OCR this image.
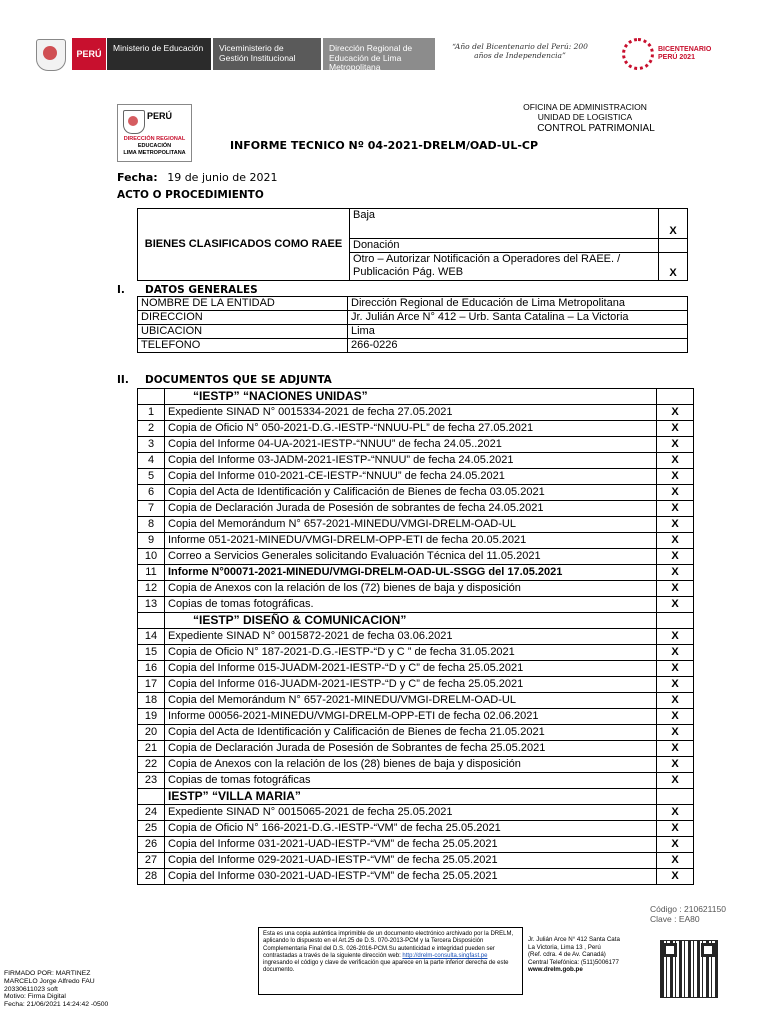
PERÚ
Ministerio de Educación	Viceministerio de Gestión Institucional
Dirección Regional de Educación de Lima Metropolitana
“Año del Bicentenario del Perú: 200 años de Independencia”
BICENTENARIO PERÚ 2021
PERÚ
DIRECCIÓN REGIONAL
EDUCACIÓN
LIMA METROPOLITANA
OFICINA DE ADMINISTRACION
UNIDAD DE LOGISTICA
CONTROL PATRIMONIAL
INFORME TECNICO Nº 04-2021-DRELM/OAD-UL-CP
Fecha: 19 de junio de 2021
ACTO O PROCEDIMIENTO
BIENES CLASIFICADOS COMO RAEE	Baja	X
	Donación	
	Otro – Autorizar Notificación a Operadores del RAEE. / Publicación Pág. WEB	X
I. DATOS GENERALES
NOMBRE DE LA ENTIDAD	Dirección Regional de Educación de Lima Metropolitana
DIRECCION	Jr. Julián Arce N° 412 – Urb. Santa Catalina – La Victoria
UBICACION	Lima
TELEFONO	266-0226
II. DOCUMENTOS QUE SE ADJUNTA
	“IESTP” “NACIONES UNIDAS”	
1	Expediente SINAD N° 0015334-2021 de fecha 27.05.2021	X
2	Copia de Oficio N° 050-2021-D.G.-IESTP-“NNUU-PL” de fecha 27.05.2021	X
3	Copia del Informe 04-UA-2021-IESTP-“NNUU” de fecha 24.05..2021	X
4	Copia del Informe 03-JADM-2021-IESTP-“NNUU” de fecha 24.05.2021	X
5	Copia del Informe 010-2021-CE-IESTP-“NNUU” de fecha 24.05.2021	X
6	Copia del Acta de Identificación y Calificación de Bienes de fecha 03.05.2021	X
7	Copia de Declaración Jurada de Posesión de sobrantes de fecha 24.05.2021	X
8	Copia del Memorándum N° 657-2021-MINEDU/VMGI-DRELM-OAD-UL	X
9	Informe 051-2021-MINEDU/VMGI-DRELM-OPP-ETI de fecha 20.05.2021	X
10	Correo a Servicios Generales solicitando Evaluación Técnica del 11.05.2021	X
11	Informe N°00071-2021-MINEDU/VMGI-DRELM-OAD-UL-SSGG del 17.05.2021	X
12	Copia de Anexos con la relación de los (72) bienes de baja y disposición	X
13	Copias de tomas fotográficas.	X
	“IESTP” DISEÑO & COMUNICACION”	
14	Expediente SINAD N° 0015872-2021 de fecha 03.06.2021	X
15	Copia de Oficio N° 187-2021-D.G.-IESTP-“D y C ” de fecha 31.05.2021	X
16	Copia del Informe 015-JUADM-2021-IESTP-“D y C” de fecha 25.05.2021	X
17	Copia del Informe 016-JUADM-2021-IESTP-“D y C” de fecha 25.05.2021	X
18	Copia del Memorándum N° 657-2021-MINEDU/VMGI-DRELM-OAD-UL	X
19	Informe 00056-2021-MINEDU/VMGI-DRELM-OPP-ETI de fecha 02.06.2021	X
20	Copia del Acta de Identificación y Calificación de Bienes de fecha 21.05.2021	X
21	Copia de Declaración Jurada de Posesión de Sobrantes de fecha 25.05.2021	X
22	Copia de Anexos con la relación de los (28) bienes de baja y disposición	X
23	Copias de tomas fotográficas	X
	IESTP” “VILLA MARIA”	
24	Expediente SINAD N° 0015065-2021 de fecha 25.05.2021	X
25	Copia de Oficio N° 166-2021-D.G.-IESTP-“VM” de fecha 25.05.2021	X
26	Copia del Informe 031-2021-UAD-IESTP-“VM” de fecha 25.05.2021	X
27	Copia del Informe 029-2021-UAD-IESTP-“VM” de fecha 25.05.2021	X
28	Copia del Informe 030-2021-UAD-IESTP-“VM” de fecha 25.05.2021	X
Código : 210621150
Clave : EA80
Esta es una copia auténtica imprimible de un documento electrónico archivado por la DRELM, aplicando lo dispuesto en el Art.25 de D.S. 070-2013-PCM y la Tercera Disposición Complementaria Final del D.S. 026-2016-PCM.Su autenticidad e integridad pueden ser contrastadas a través de la siguiente dirección web: http://drelm-consulta.singfast.pe ingresando el código y clave de verificación que aparece en la parte inferior derecha de este documento.
Jr. Julián Arce N° 412 Santa Cata
La Victoria, Lima 13 , Perú
(Ref. cdra. 4 de Av. Canadá)
Central Telefónica: (511)5006177
www.drelm.gob.pe
FIRMADO POR: MARTINEZ
MARCELO Jorge Alfredo FAU
20330611023 soft
Motivo: Firma Digital
Fecha: 21/06/2021 14:24:42 -0500
